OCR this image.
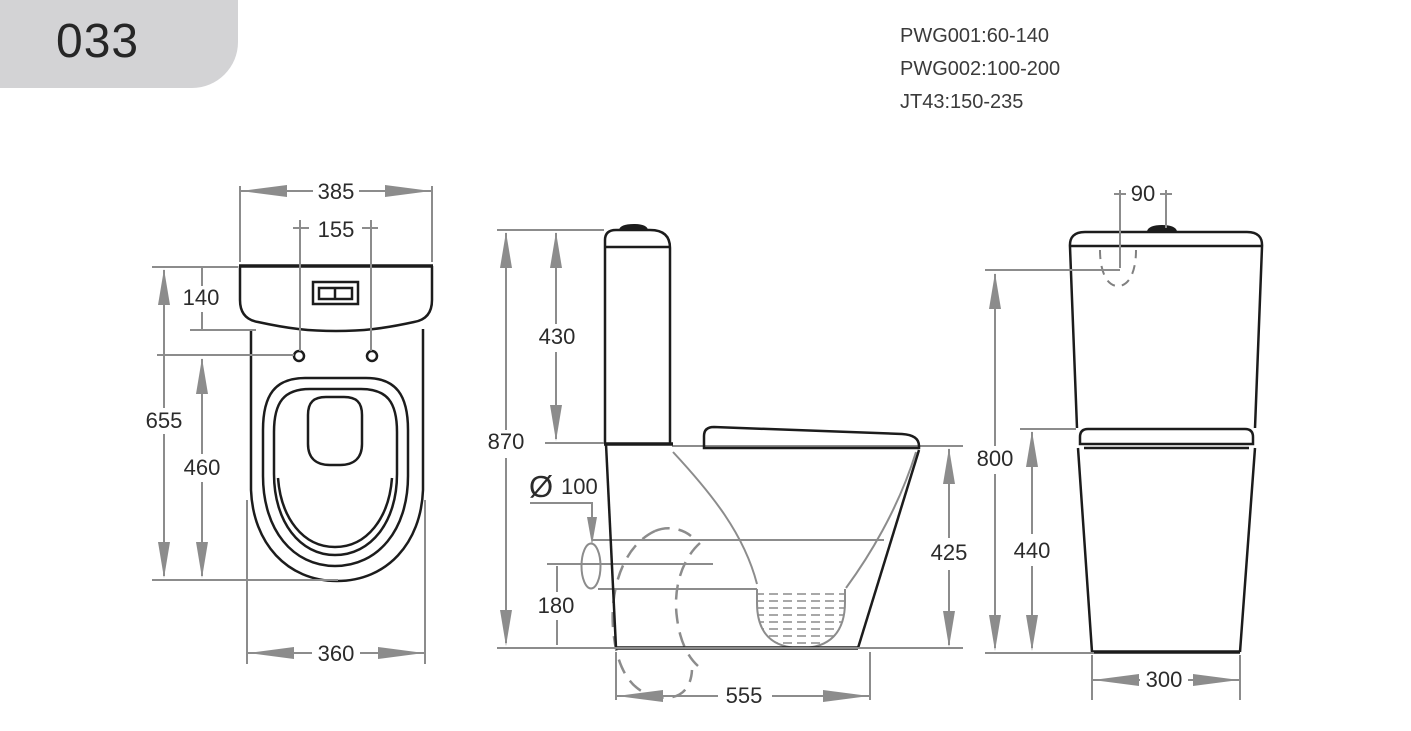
033	PWG001:60-140
PWG002:100-200
JT43:150-235
385
155
140
655
460
360
430
870
Ø 100
180
425
555
90
800
440
300
